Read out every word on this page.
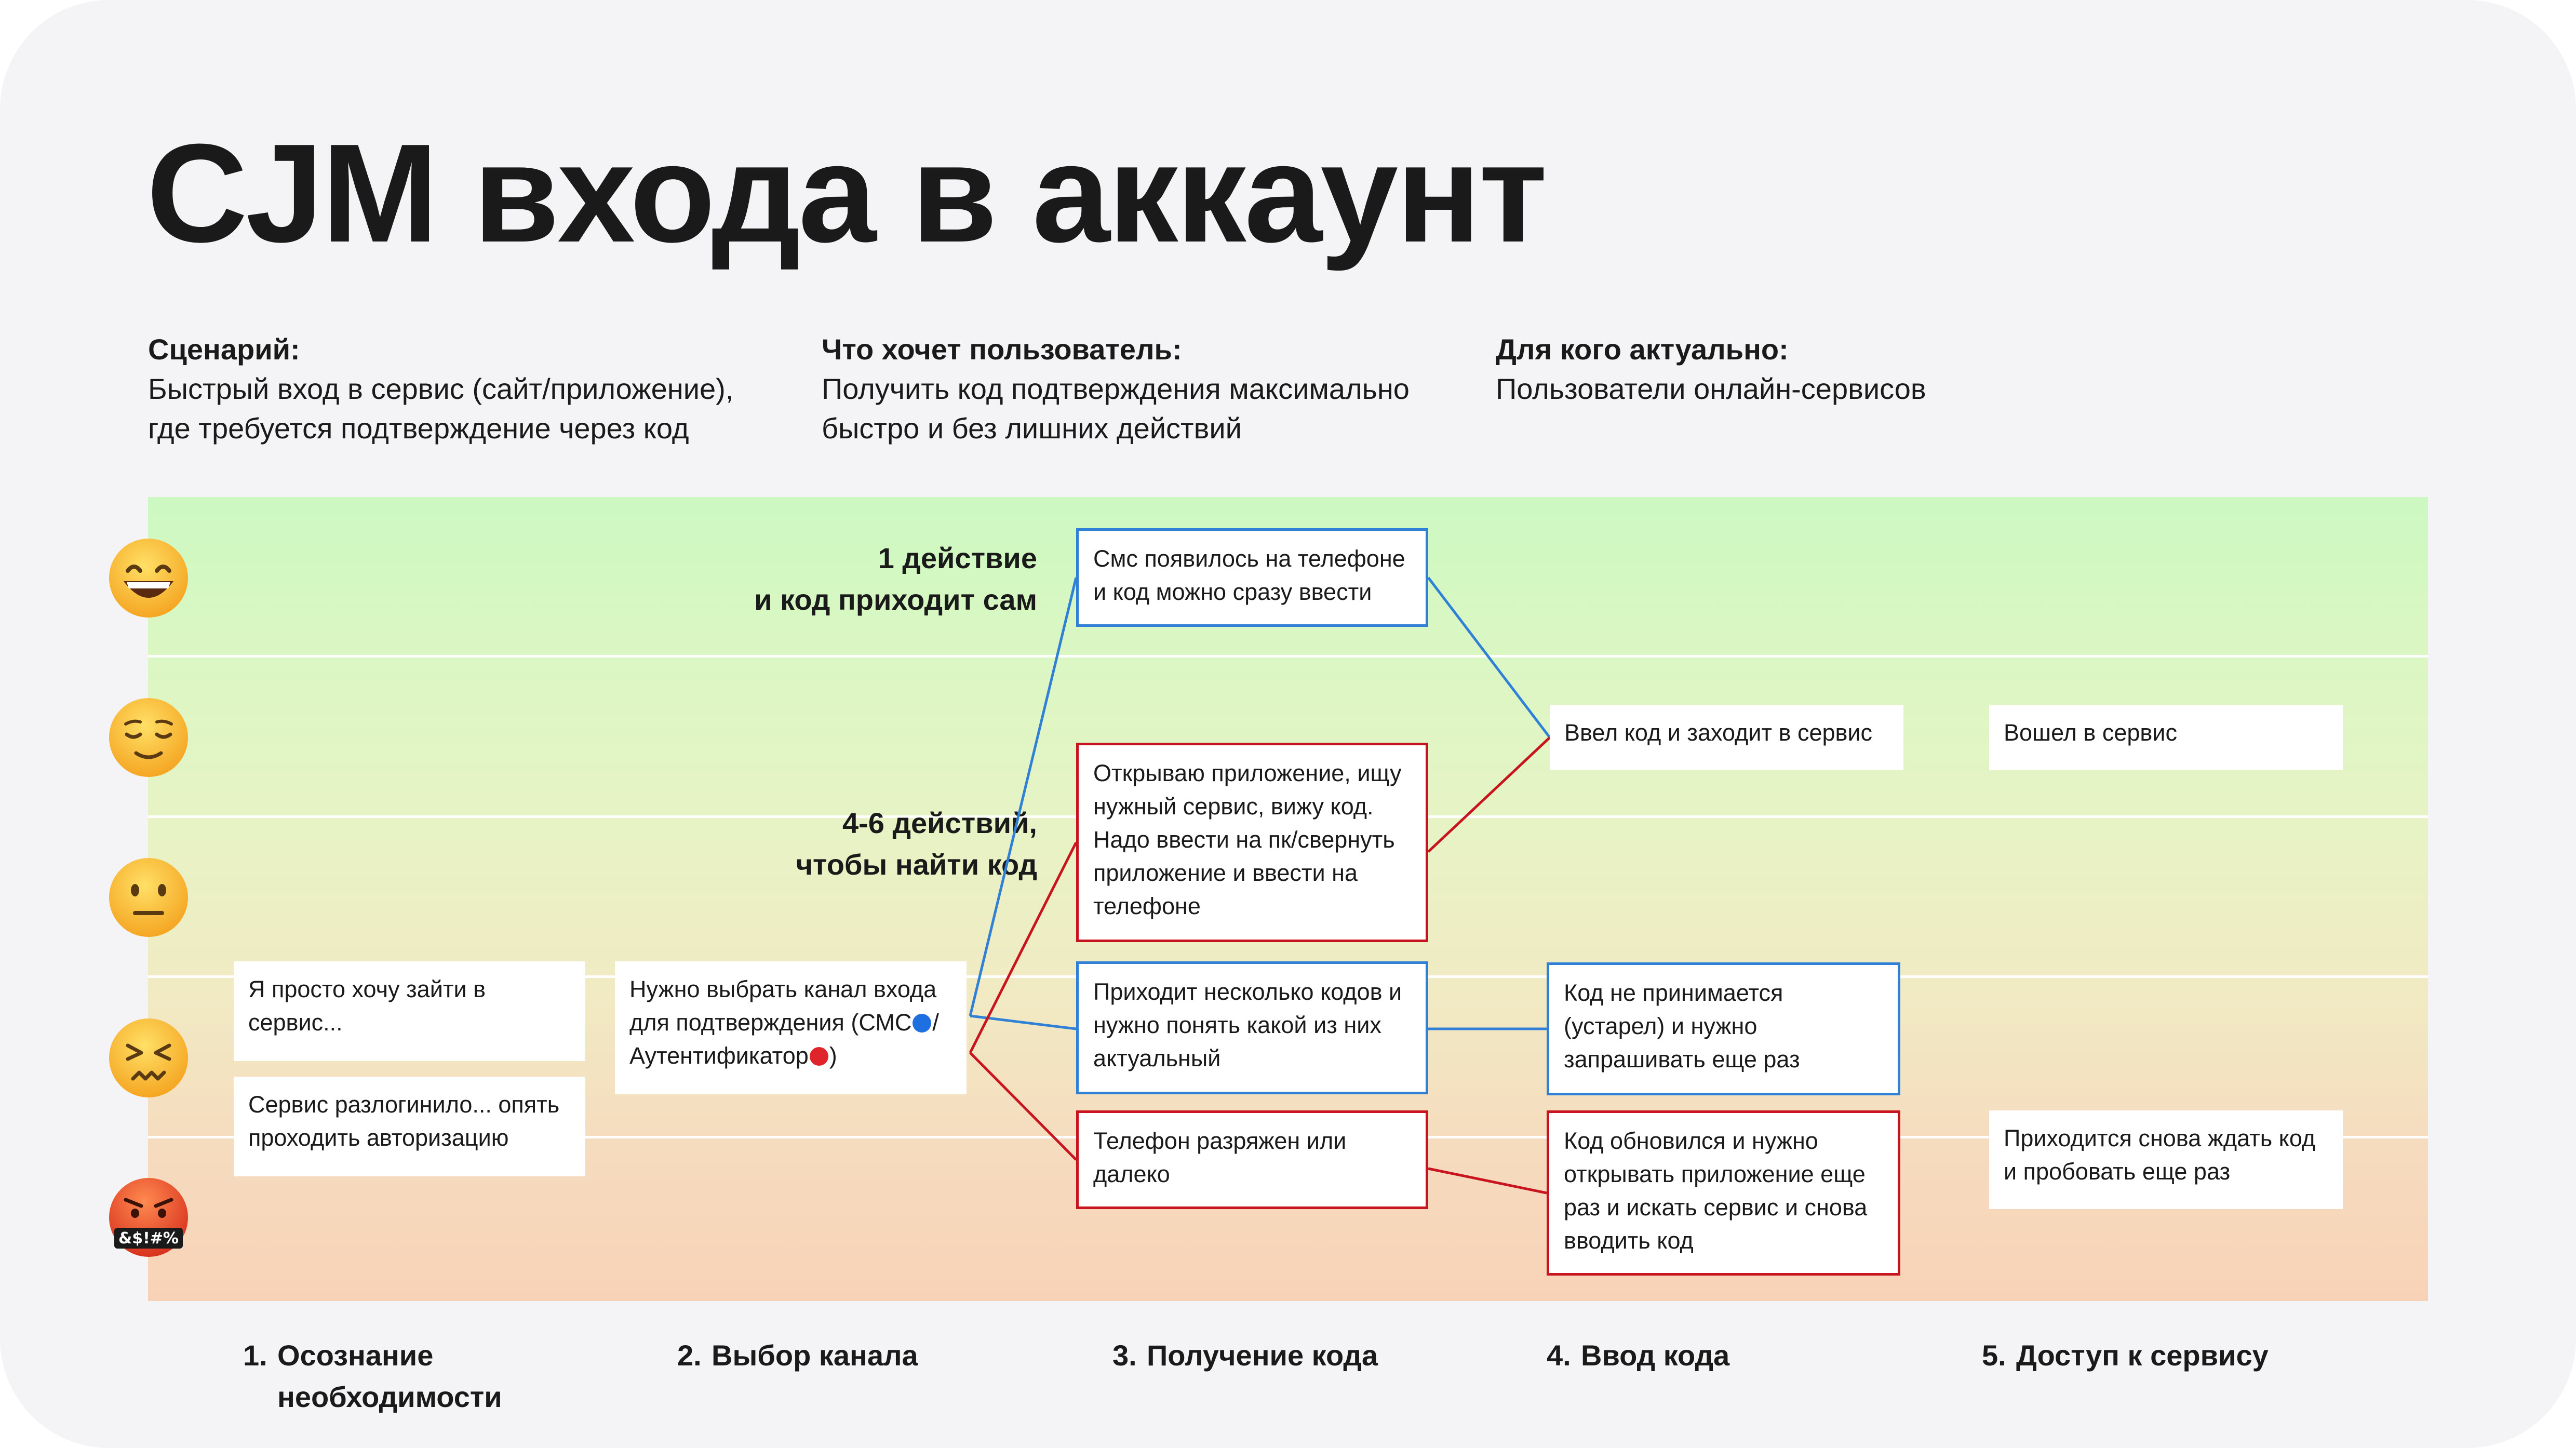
CJM входа в аккаунт
Сценарий:
Быстрый вход в сервис (сайт/приложение),
где требуется подтверждение через код
Что хочет пользователь:
Получить код подтверждения максимально
быстро и без лишних действий
Для кого актуально:
Пользователи онлайн-сервисов
&$!#%
1 действие
и код приходит сам
4-6 действий,
чтобы найти код
Я просто хочу зайти в сервис...
Сервис разлогинило... опять проходить авторизацию
Нужно выбрать канал входа для подтверждения (СМС / Аутентификатор )
Смс появилось на телефоне и код можно сразу ввести
Открываю приложение, ищу нужный сервис, вижу код. Надо ввести на пк/свернуть приложение и ввести на телефоне
Приходит несколько кодов и нужно понять какой из них актуальный
Телефон разряжен или далеко
Ввел код и заходит в сервис
Код не принимается (устарел) и нужно запрашивать еще раз
Код обновился и нужно открывать приложение еще раз и искать сервис и снова вводить код
Вошел в сервис
Приходится снова ждать код и пробовать еще раз
1. Осознание
необходимости
2. Выбор канала	3. Получение кода	4. Ввод кода	5. Доступ к сервису
